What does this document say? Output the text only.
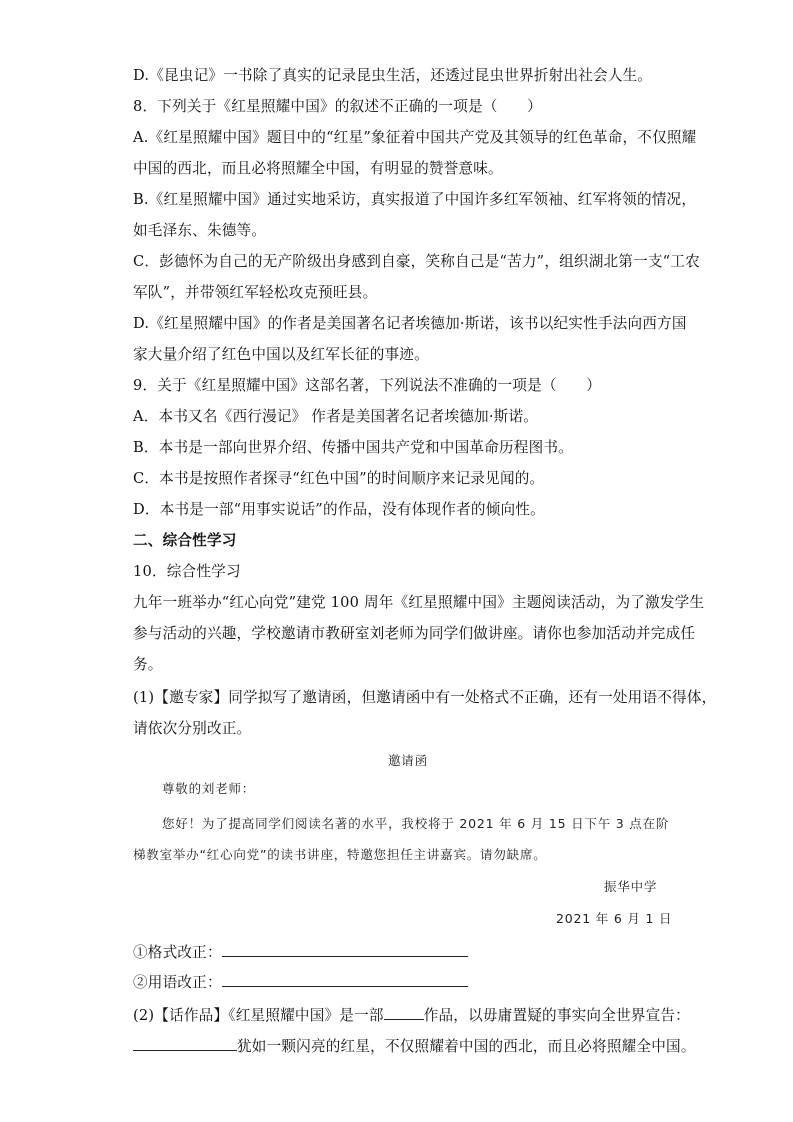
D.《昆虫记》一书除了真实的记录昆虫生活，还透过昆虫世界折射出社会人生。
8．下列关于《红星照耀中国》的叙述不正确的一项是（　　）
A.《红星照耀中国》题目中的“红星”象征着中国共产党及其领导的红色革命，不仅照耀
中国的西北，而且必将照耀全中国，有明显的赞誉意味。
B.《红星照耀中国》通过实地采访，真实报道了中国许多红军领袖、红军将领的情况，
如毛泽东、朱德等。
C．彭德怀为自己的无产阶级出身感到自豪，笑称自己是“苦力”，组织湖北第一支“工农
军队”，并带领红军轻松攻克预旺县。
D.《红星照耀中国》的作者是美国著名记者埃德加·斯诺，该书以纪实性手法向西方国
家大量介绍了红色中国以及红军长征的事迹。
9．关于《红星照耀中国》这部名著，下列说法不准确的一项是（　　）
A．本书又名《西行漫记》 作者是美国著名记者埃德加·斯诺。
B．本书是一部向世界介绍、传播中国共产党和中国革命历程图书。
C．本书是按照作者探寻“红色中国”的时间顺序来记录见闻的。
D．本书是一部“用事实说话”的作品，没有体现作者的倾向性。
二、综合性学习
10．综合性学习
九年一班举办“红心向党”建党 100 周年《红星照耀中国》主题阅读活动，为了激发学生
参与活动的兴趣，学校邀请市教研室刘老师为同学们做讲座。请你也参加活动并完成任
务。
(1)【邀专家】同学拟写了邀请函，但邀请函中有一处格式不正确，还有一处用语不得体，
请依次分别改正。
邀请函
尊敬的刘老师：
您好！为了提高同学们阅读名著的水平，我校将于 2021 年 6 月 15 日下午 3 点在阶
梯教室举办“红心向党”的读书讲座，特邀您担任主讲嘉宾。请勿缺席。
振华中学
2021 年 6 月 1 日
①格式改正：
②用语改正：
(2)【话作品】《红星照耀中国》是一部	作品，以毋庸置疑的事实向全世界宣告：
犹如一颗闪亮的红星，不仅照耀着中国的西北，而且必将照耀全中国。
